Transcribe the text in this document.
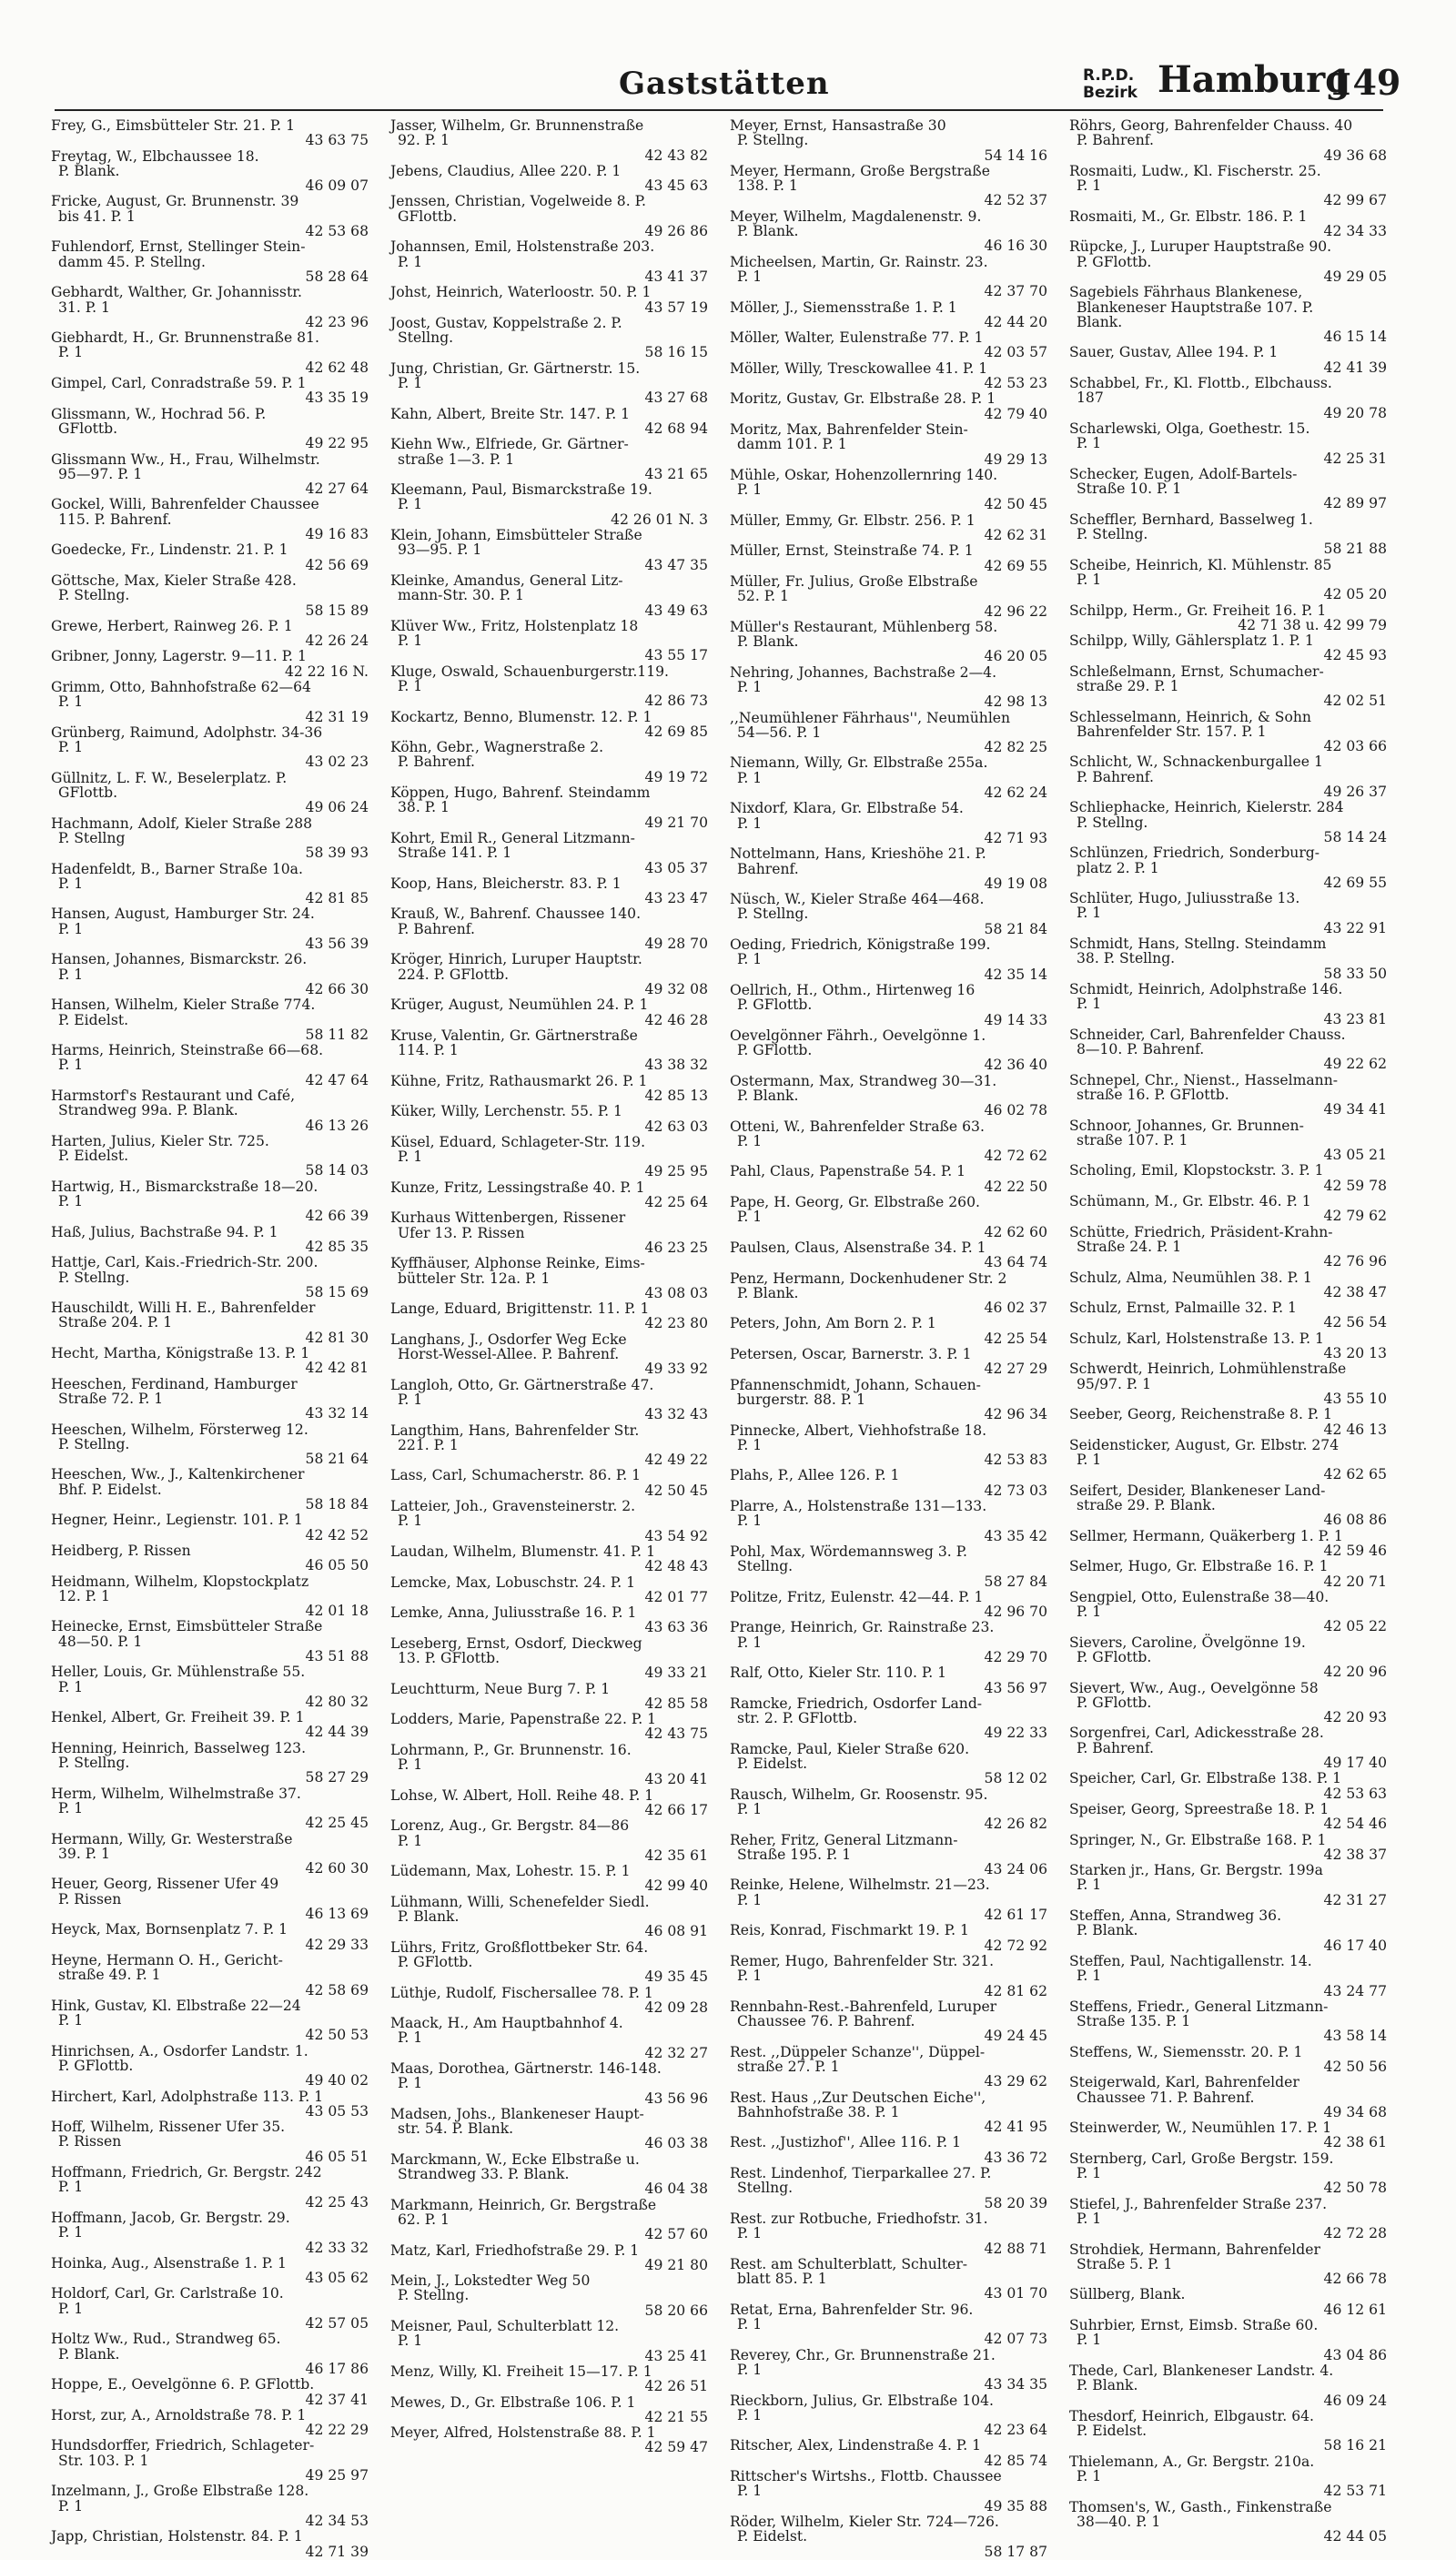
Gaststätten	R.P.D.
Bezirk Hamburg
149
Frey, G., Eimsbütteler Str. 21. P. 1
43 63 75
Freytag, W., Elbchaussee 18.
P. Blank.
46 09 07
Fricke, August, Gr. Brunnenstr. 39
bis 41. P. 1
42 53 68
Fuhlendorf, Ernst, Stellinger Stein-
damm 45. P. Stellng.
58 28 64
Gebhardt, Walther, Gr. Johannisstr.
31. P. 1
42 23 96
Giebhardt, H., Gr. Brunnenstraße 81.
P. 1
42 62 48
Gimpel, Carl, Conradstraße 59. P. 1
43 35 19
Glissmann, W., Hochrad 56. P.
GFlottb.
49 22 95
Glissmann Ww., H., Frau, Wilhelmstr.
95—97. P. 1
42 27 64
Gockel, Willi, Bahrenfelder Chaussee
115. P. Bahrenf.
49 16 83
Goedecke, Fr., Lindenstr. 21. P. 1
42 56 69
Göttsche, Max, Kieler Straße 428.
P. Stellng.
58 15 89
Grewe, Herbert, Rainweg 26. P. 1
42 26 24
Gribner, Jonny, Lagerstr. 9—11. P. 1
42 22 16 N.
Grimm, Otto, Bahnhofstraße 62—64
P. 1
42 31 19
Grünberg, Raimund, Adolphstr. 34-36
P. 1
43 02 23
Güllnitz, L. F. W., Beselerplatz. P.
GFlottb.
49 06 24
Hachmann, Adolf, Kieler Straße 288
P. Stellng
58 39 93
Hadenfeldt, B., Barner Straße 10a.
P. 1
42 81 85
Hansen, August, Hamburger Str. 24.
P. 1
43 56 39
Hansen, Johannes, Bismarckstr. 26.
P. 1
42 66 30
Hansen, Wilhelm, Kieler Straße 774.
P. Eidelst.
58 11 82
Harms, Heinrich, Steinstraße 66—68.
P. 1
42 47 64
Harmstorf's Restaurant und Café,
Strandweg 99a. P. Blank.
46 13 26
Harten, Julius, Kieler Str. 725.
P. Eidelst.
58 14 03
Hartwig, H., Bismarckstraße 18—20.
P. 1
42 66 39
Haß, Julius, Bachstraße 94. P. 1
42 85 35
Hattje, Carl, Kais.-Friedrich-Str. 200.
P. Stellng.
58 15 69
Hauschildt, Willi H. E., Bahrenfelder
Straße 204. P. 1
42 81 30
Hecht, Martha, Königstraße 13. P. 1
42 42 81
Heeschen, Ferdinand, Hamburger
Straße 72. P. 1
43 32 14
Heeschen, Wilhelm, Försterweg 12.
P. Stellng.
58 21 64
Heeschen, Ww., J., Kaltenkirchener
Bhf. P. Eidelst.
58 18 84
Hegner, Heinr., Legienstr. 101. P. 1
42 42 52
Heidberg, P. Rissen
46 05 50
Heidmann, Wilhelm, Klopstockplatz
12. P. 1
42 01 18
Heinecke, Ernst, Eimsbütteler Straße
48—50. P. 1
43 51 88
Heller, Louis, Gr. Mühlenstraße 55.
P. 1
42 80 32
Henkel, Albert, Gr. Freiheit 39. P. 1
42 44 39
Henning, Heinrich, Basselweg 123.
P. Stellng.
58 27 29
Herm, Wilhelm, Wilhelmstraße 37.
P. 1
42 25 45
Hermann, Willy, Gr. Westerstraße
39. P. 1
42 60 30
Heuer, Georg, Rissener Ufer 49
P. Rissen
46 13 69
Heyck, Max, Bornsenplatz 7. P. 1
42 29 33
Heyne, Hermann O. H., Gericht-
straße 49. P. 1
42 58 69
Hink, Gustav, Kl. Elbstraße 22—24
P. 1
42 50 53
Hinrichsen, A., Osdorfer Landstr. 1.
P. GFlottb.
49 40 02
Hirchert, Karl, Adolphstraße 113. P. 1
43 05 53
Hoff, Wilhelm, Rissener Ufer 35.
P. Rissen
46 05 51
Hoffmann, Friedrich, Gr. Bergstr. 242
P. 1
42 25 43
Hoffmann, Jacob, Gr. Bergstr. 29.
P. 1
42 33 32
Hoinka, Aug., Alsenstraße 1. P. 1
43 05 62
Holdorf, Carl, Gr. Carlstraße 10.
P. 1
42 57 05
Holtz Ww., Rud., Strandweg 65.
P. Blank.
46 17 86
Hoppe, E., Oevelgönne 6. P. GFlottb.
42 37 41
Horst, zur, A., Arnoldstraße 78. P. 1
42 22 29
Hundsdorffer, Friedrich, Schlageter-
Str. 103. P. 1
49 25 97
Inzelmann, J., Große Elbstraße 128.
P. 1
42 34 53
Japp, Christian, Holstenstr. 84. P. 1
42 71 39
Jasser, Wilhelm, Gr. Brunnenstraße
92. P. 1
42 43 82
Jebens, Claudius, Allee 220. P. 1
43 45 63
Jenssen, Christian, Vogelweide 8. P.
GFlottb.
49 26 86
Johannsen, Emil, Holstenstraße 203.
P. 1
43 41 37
Johst, Heinrich, Waterloostr. 50. P. 1
43 57 19
Joost, Gustav, Koppelstraße 2. P.
Stellng.
58 16 15
Jung, Christian, Gr. Gärtnerstr. 15.
P. 1
43 27 68
Kahn, Albert, Breite Str. 147. P. 1
42 68 94
Kiehn Ww., Elfriede, Gr. Gärtner-
straße 1—3. P. 1
43 21 65
Kleemann, Paul, Bismarckstraße 19.
P. 1
42 26 01 N. 3
Klein, Johann, Eimsbütteler Straße
93—95. P. 1
43 47 35
Kleinke, Amandus, General Litz-
mann-Str. 30. P. 1
43 49 63
Klüver Ww., Fritz, Holstenplatz 18
P. 1
43 55 17
Kluge, Oswald, Schauenburgerstr.119.
P. 1
42 86 73
Kockartz, Benno, Blumenstr. 12. P. 1
42 69 85
Köhn, Gebr., Wagnerstraße 2.
P. Bahrenf.
49 19 72
Köppen, Hugo, Bahrenf. Steindamm
38. P. 1
49 21 70
Kohrt, Emil R., General Litzmann-
Straße 141. P. 1
43 05 37
Koop, Hans, Bleicherstr. 83. P. 1
43 23 47
Krauß, W., Bahrenf. Chaussee 140.
P. Bahrenf.
49 28 70
Kröger, Hinrich, Luruper Hauptstr.
224. P. GFlottb.
49 32 08
Krüger, August, Neumühlen 24. P. 1
42 46 28
Kruse, Valentin, Gr. Gärtnerstraße
114. P. 1
43 38 32
Kühne, Fritz, Rathausmarkt 26. P. 1
42 85 13
Küker, Willy, Lerchenstr. 55. P. 1
42 63 03
Küsel, Eduard, Schlageter-Str. 119.
P. 1
49 25 95
Kunze, Fritz, Lessingstraße 40. P. 1
42 25 64
Kurhaus Wittenbergen, Rissener
Ufer 13. P. Rissen
46 23 25
Kyffhäuser, Alphonse Reinke, Eims-
bütteler Str. 12a. P. 1
43 08 03
Lange, Eduard, Brigittenstr. 11. P. 1
42 23 80
Langhans, J., Osdorfer Weg Ecke
Horst-Wessel-Allee. P. Bahrenf.
49 33 92
Langloh, Otto, Gr. Gärtnerstraße 47.
P. 1
43 32 43
Langthim, Hans, Bahrenfelder Str.
221. P. 1
42 49 22
Lass, Carl, Schumacherstr. 86. P. 1
42 50 45
Latteier, Joh., Gravensteinerstr. 2.
P. 1
43 54 92
Laudan, Wilhelm, Blumenstr. 41. P. 1
42 48 43
Lemcke, Max, Lobuschstr. 24. P. 1
42 01 77
Lemke, Anna, Juliusstraße 16. P. 1
43 63 36
Leseberg, Ernst, Osdorf, Dieckweg
13. P. GFlottb.
49 33 21
Leuchtturm, Neue Burg 7. P. 1
42 85 58
Lodders, Marie, Papenstraße 22. P. 1
42 43 75
Lohrmann, P., Gr. Brunnenstr. 16.
P. 1
43 20 41
Lohse, W. Albert, Holl. Reihe 48. P. 1
42 66 17
Lorenz, Aug., Gr. Bergstr. 84—86
P. 1
42 35 61
Lüdemann, Max, Lohestr. 15. P. 1
42 99 40
Lühmann, Willi, Schenefelder Siedl.
P. Blank.
46 08 91
Lührs, Fritz, Großflottbeker Str. 64.
P. GFlottb.
49 35 45
Lüthje, Rudolf, Fischersallee 78. P. 1
42 09 28
Maack, H., Am Hauptbahnhof 4.
P. 1
42 32 27
Maas, Dorothea, Gärtnerstr. 146-148.
P. 1
43 56 96
Madsen, Johs., Blankeneser Haupt-
str. 54. P. Blank.
46 03 38
Marckmann, W., Ecke Elbstraße u.
Strandweg 33. P. Blank.
46 04 38
Markmann, Heinrich, Gr. Bergstraße
62. P. 1
42 57 60
Matz, Karl, Friedhofstraße 29. P. 1
49 21 80
Mein, J., Lokstedter Weg 50
P. Stellng.
58 20 66
Meisner, Paul, Schulterblatt 12.
P. 1
43 25 41
Menz, Willy, Kl. Freiheit 15—17. P. 1
42 26 51
Mewes, D., Gr. Elbstraße 106. P. 1
42 21 55
Meyer, Alfred, Holstenstraße 88. P. 1
42 59 47
Meyer, Ernst, Hansastraße 30
P. Stellng.
54 14 16
Meyer, Hermann, Große Bergstraße
138. P. 1
42 52 37
Meyer, Wilhelm, Magdalenenstr. 9.
P. Blank.
46 16 30
Micheelsen, Martin, Gr. Rainstr. 23.
P. 1
42 37 70
Möller, J., Siemensstraße 1. P. 1
42 44 20
Möller, Walter, Eulenstraße 77. P. 1
42 03 57
Möller, Willy, Tresckowallee 41. P. 1
42 53 23
Moritz, Gustav, Gr. Elbstraße 28. P. 1
42 79 40
Moritz, Max, Bahrenfelder Stein-
damm 101. P. 1
49 29 13
Mühle, Oskar, Hohenzollernring 140.
P. 1
42 50 45
Müller, Emmy, Gr. Elbstr. 256. P. 1
42 62 31
Müller, Ernst, Steinstraße 74. P. 1
42 69 55
Müller, Fr. Julius, Große Elbstraße
52. P. 1
42 96 22
Müller's Restaurant, Mühlenberg 58.
P. Blank.
46 20 05
Nehring, Johannes, Bachstraße 2—4.
P. 1
42 98 13
,,Neumühlener Fährhaus'', Neumühlen
54—56. P. 1
42 82 25
Niemann, Willy, Gr. Elbstraße 255a.
P. 1
42 62 24
Nixdorf, Klara, Gr. Elbstraße 54.
P. 1
42 71 93
Nottelmann, Hans, Krieshöhe 21. P.
Bahrenf.
49 19 08
Nüsch, W., Kieler Straße 464—468.
P. Stellng.
58 21 84
Oeding, Friedrich, Königstraße 199.
P. 1
42 35 14
Oellrich, H., Othm., Hirtenweg 16
P. GFlottb.
49 14 33
Oevelgönner Fährh., Oevelgönne 1.
P. GFlottb.
42 36 40
Ostermann, Max, Strandweg 30—31.
P. Blank.
46 02 78
Otteni, W., Bahrenfelder Straße 63.
P. 1
42 72 62
Pahl, Claus, Papenstraße 54. P. 1
42 22 50
Pape, H. Georg, Gr. Elbstraße 260.
P. 1
42 62 60
Paulsen, Claus, Alsenstraße 34. P. 1
43 64 74
Penz, Hermann, Dockenhudener Str. 2
P. Blank.
46 02 37
Peters, John, Am Born 2. P. 1
42 25 54
Petersen, Oscar, Barnerstr. 3. P. 1
42 27 29
Pfannenschmidt, Johann, Schauen-
burgerstr. 88. P. 1
42 96 34
Pinnecke, Albert, Viehhofstraße 18.
P. 1
42 53 83
Plahs, P., Allee 126. P. 1
42 73 03
Plarre, A., Holstenstraße 131—133.
P. 1
43 35 42
Pohl, Max, Wördemannsweg 3. P.
Stellng.
58 27 84
Politze, Fritz, Eulenstr. 42—44. P. 1
42 96 70
Prange, Heinrich, Gr. Rainstraße 23.
P. 1
42 29 70
Ralf, Otto, Kieler Str. 110. P. 1
43 56 97
Ramcke, Friedrich, Osdorfer Land-
str. 2. P. GFlottb.
49 22 33
Ramcke, Paul, Kieler Straße 620.
P. Eidelst.
58 12 02
Rausch, Wilhelm, Gr. Roosenstr. 95.
P. 1
42 26 82
Reher, Fritz, General Litzmann-
Straße 195. P. 1
43 24 06
Reinke, Helene, Wilhelmstr. 21—23.
P. 1
42 61 17
Reis, Konrad, Fischmarkt 19. P. 1
42 72 92
Remer, Hugo, Bahrenfelder Str. 321.
P. 1
42 81 62
Rennbahn-Rest.-Bahrenfeld, Luruper
Chaussee 76. P. Bahrenf.
49 24 45
Rest. ,,Düppeler Schanze'', Düppel-
straße 27. P. 1
43 29 62
Rest. Haus ,,Zur Deutschen Eiche'',
Bahnhofstraße 38. P. 1
42 41 95
Rest. ,,Justizhof'', Allee 116. P. 1
43 36 72
Rest. Lindenhof, Tierparkallee 27. P.
Stellng.
58 20 39
Rest. zur Rotbuche, Friedhofstr. 31.
P. 1
42 88 71
Rest. am Schulterblatt, Schulter-
blatt 85. P. 1
43 01 70
Retat, Erna, Bahrenfelder Str. 96.
P. 1
42 07 73
Reverey, Chr., Gr. Brunnenstraße 21.
P. 1
43 34 35
Rieckborn, Julius, Gr. Elbstraße 104.
P. 1
42 23 64
Ritscher, Alex, Lindenstraße 4. P. 1
42 85 74
Rittscher's Wirtshs., Flottb. Chaussee
P. 1
49 35 88
Röder, Wilhelm, Kieler Str. 724—726.
P. Eidelst.
58 17 87
Röhrs, Georg, Bahrenfelder Chauss. 40
P. Bahrenf.
49 36 68
Rosmaiti, Ludw., Kl. Fischerstr. 25.
P. 1
42 99 67
Rosmaiti, M., Gr. Elbstr. 186. P. 1
42 34 33
Rüpcke, J., Luruper Hauptstraße 90.
P. GFlottb.
49 29 05
Sagebiels Fährhaus Blankenese,
Blankeneser Hauptstraße 107. P.
Blank.
46 15 14
Sauer, Gustav, Allee 194. P. 1
42 41 39
Schabbel, Fr., Kl. Flottb., Elbchauss.
187
49 20 78
Scharlewski, Olga, Goethestr. 15.
P. 1
42 25 31
Schecker, Eugen, Adolf-Bartels-
Straße 10. P. 1
42 89 97
Scheffler, Bernhard, Basselweg 1.
P. Stellng.
58 21 88
Scheibe, Heinrich, Kl. Mühlenstr. 85
P. 1
42 05 20
Schilpp, Herm., Gr. Freiheit 16. P. 1
42 71 38 u. 42 99 79
Schilpp, Willy, Gählersplatz 1. P. 1
42 45 93
Schleßelmann, Ernst, Schumacher-
straße 29. P. 1
42 02 51
Schlesselmann, Heinrich, & Sohn
Bahrenfelder Str. 157. P. 1
42 03 66
Schlicht, W., Schnackenburgallee 1
P. Bahrenf.
49 26 37
Schliephacke, Heinrich, Kielerstr. 284
P. Stellng.
58 14 24
Schlünzen, Friedrich, Sonderburg-
platz 2. P. 1
42 69 55
Schlüter, Hugo, Juliusstraße 13.
P. 1
43 22 91
Schmidt, Hans, Stellng. Steindamm
38. P. Stellng.
58 33 50
Schmidt, Heinrich, Adolphstraße 146.
P. 1
43 23 81
Schneider, Carl, Bahrenfelder Chauss.
8—10. P. Bahrenf.
49 22 62
Schnepel, Chr., Nienst., Hasselmann-
straße 16. P. GFlottb.
49 34 41
Schnoor, Johannes, Gr. Brunnen-
straße 107. P. 1
43 05 21
Scholing, Emil, Klopstockstr. 3. P. 1
42 59 78
Schümann, M., Gr. Elbstr. 46. P. 1
42 79 62
Schütte, Friedrich, Präsident-Krahn-
Straße 24. P. 1
42 76 96
Schulz, Alma, Neumühlen 38. P. 1
42 38 47
Schulz, Ernst, Palmaille 32. P. 1
42 56 54
Schulz, Karl, Holstenstraße 13. P. 1
43 20 13
Schwerdt, Heinrich, Lohmühlenstraße
95/97. P. 1
43 55 10
Seeber, Georg, Reichenstraße 8. P. 1
42 46 13
Seidensticker, August, Gr. Elbstr. 274
P. 1
42 62 65
Seifert, Desider, Blankeneser Land-
straße 29. P. Blank.
46 08 86
Sellmer, Hermann, Quäkerberg 1. P. 1
42 59 46
Selmer, Hugo, Gr. Elbstraße 16. P. 1
42 20 71
Sengpiel, Otto, Eulenstraße 38—40.
P. 1
42 05 22
Sievers, Caroline, Övelgönne 19.
P. GFlottb.
42 20 96
Sievert, Ww., Aug., Oevelgönne 58
P. GFlottb.
42 20 93
Sorgenfrei, Carl, Adickesstraße 28.
P. Bahrenf.
49 17 40
Speicher, Carl, Gr. Elbstraße 138. P. 1
42 53 63
Speiser, Georg, Spreestraße 18. P. 1
42 54 46
Springer, N., Gr. Elbstraße 168. P. 1
42 38 37
Starken jr., Hans, Gr. Bergstr. 199a
P. 1
42 31 27
Steffen, Anna, Strandweg 36.
P. Blank.
46 17 40
Steffen, Paul, Nachtigallenstr. 14.
P. 1
43 24 77
Steffens, Friedr., General Litzmann-
Straße 135. P. 1
43 58 14
Steffens, W., Siemensstr. 20. P. 1
42 50 56
Steigerwald, Karl, Bahrenfelder
Chaussee 71. P. Bahrenf.
49 34 68
Steinwerder, W., Neumühlen 17. P. 1
42 38 61
Sternberg, Carl, Große Bergstr. 159.
P. 1
42 50 78
Stiefel, J., Bahrenfelder Straße 237.
P. 1
42 72 28
Strohdiek, Hermann, Bahrenfelder
Straße 5. P. 1
42 66 78
Süllberg, Blank.
46 12 61
Suhrbier, Ernst, Eimsb. Straße 60.
P. 1
43 04 86
Thede, Carl, Blankeneser Landstr. 4.
P. Blank.
46 09 24
Thesdorf, Heinrich, Elbgaustr. 64.
P. Eidelst.
58 16 21
Thielemann, A., Gr. Bergstr. 210a.
P. 1
42 53 71
Thomsen's, W., Gasth., Finkenstraße
38—40. P. 1
42 44 05
